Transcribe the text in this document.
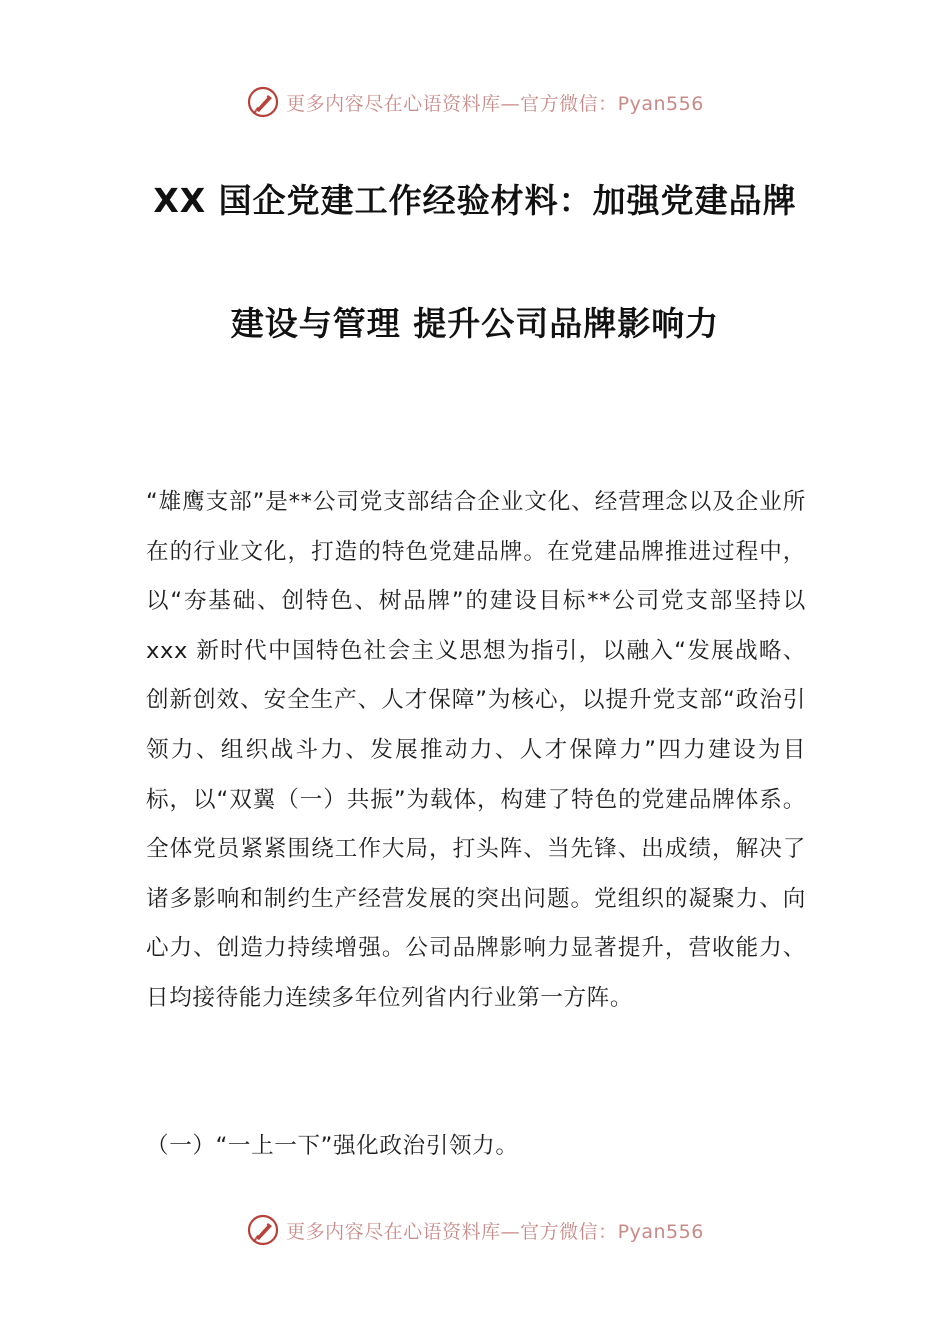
更多内容尽在心语资料库—官方微信：Pyan556
XX 国企党建工作经验材料：加强党建品牌
建设与管理 提升公司品牌影响力

“雄鹰支部”是**公司党支部结合企业文化、经营理念以及企业所在的行业文化，打造的特色党建品牌。在党建品牌推进过程中，以“夯基础、创特色、树品牌”的建设目标**公司党支部坚持以 xxx 新时代中国特色社会主义思想为指引，以融入“发展战略、创新创效、安全生产、人才保障”为核心，以提升党支部“政治引领力、组织战斗力、发展推动力、人才保障力”四力建设为目标，以“双翼（一）共振”为载体，构建了特色的党建品牌体系。全体党员紧紧围绕工作大局，打头阵、当先锋、出成绩，解决了诸多影响和制约生产经营发展的突出问题。党组织的凝聚力、向心力、创造力持续增强。公司品牌影响力显著提升，营收能力、日均接待能力连续多年位列省内行业第一方阵。

（一）“一上一下”强化政治引领力。

更多内容尽在心语资料库—官方微信：Pyan556
